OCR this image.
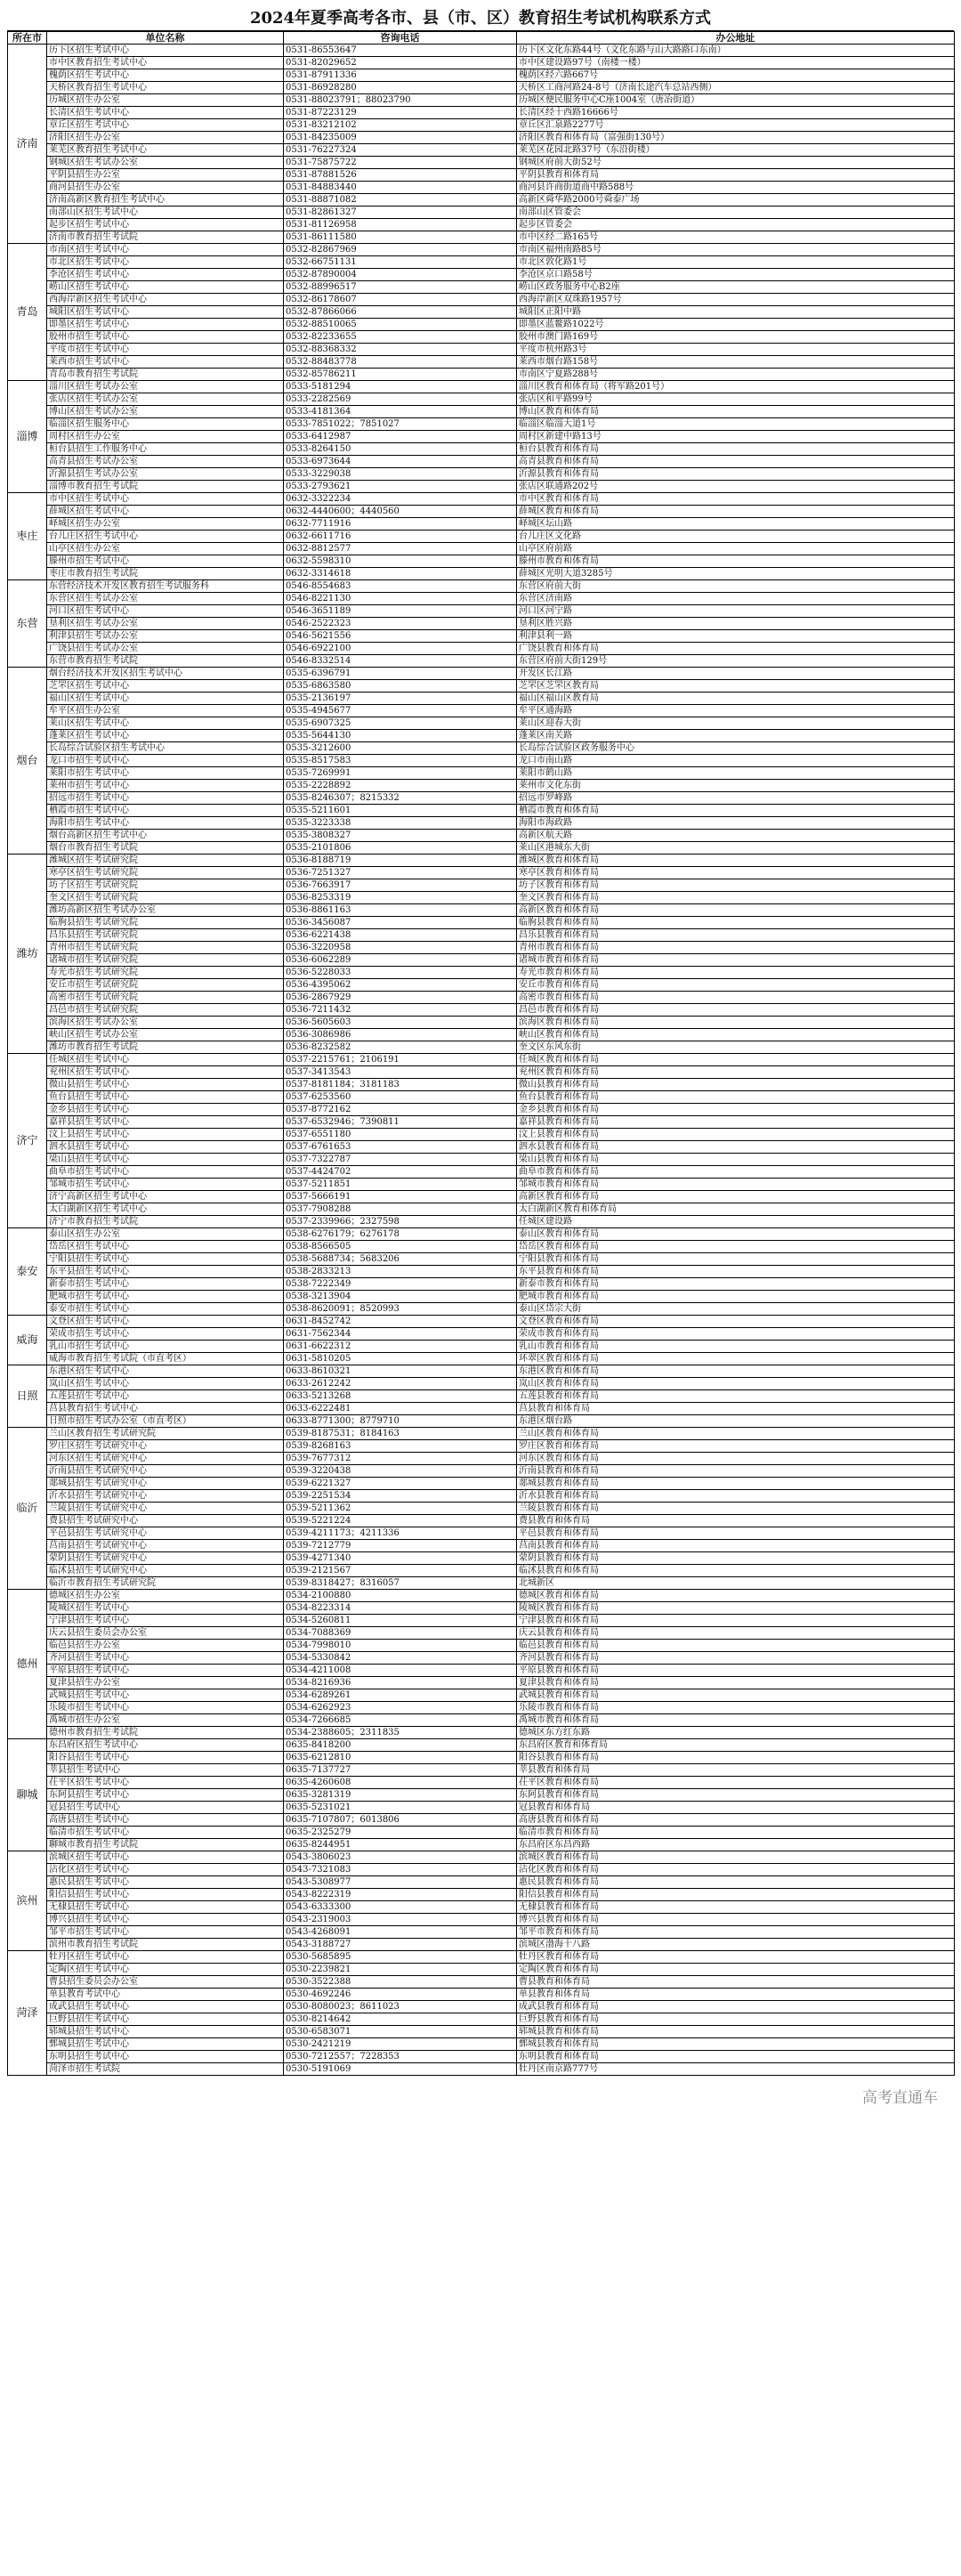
2024年夏季高考各市、县（市、区）教育招生考试机构联系方式
所在市	单位名称	咨询电话	办公地址
济南	历下区招生考试中心	0531-86553647	历下区文化东路44号（文化东路与山大路路口东南）
	市中区教育招生考试中心	0531-82029652	市中区建设路97号（南楼一楼）
	槐荫区招生考试中心	0531-87911336	槐荫区经六路667号
	天桥区教育招生考试中心	0531-86928280	天桥区工商河路24-8号（济南长途汽车总站西侧）
	历城区招生办公室	0531-88023791；88023790	历城区便民服务中心C座1004室（唐冶街道）
	长清区招生考试中心	0531-87223129	长清区经十西路16666号
	章丘区招生考试中心	0531-83212102	章丘区汇泉路2277号
	济阳区招生办公室	0531-84235009	济阳区教育和体育局（富强街130号）
	莱芜区教育招生考试中心	0531-76227324	莱芜区花园北路37号（东沿街楼）
	钢城区招生考试办公室	0531-75875722	钢城区府前大街52号
	平阴县招生办公室	0531-87881526	平阴县教育和体育局
	商河县招生办公室	0531-84883440	商河县许商街道商中路588号
	济南高新区教育招生考试中心	0531-88871082	高新区舜华路2000号舜泰广场
	南部山区招生考试中心	0531-82861327	南部山区管委会
	起步区招生考试中心	0531-81126958	起步区管委会
	济南市教育招生考试院	0531-86111580	市中区经二路165号
青岛	市南区招生考试中心	0532-82867969	市南区福州南路85号
	市北区招生考试中心	0532-66751131	市北区敦化路1号
	李沧区招生考试中心	0532-87890004	李沧区京口路58号
	崂山区招生考试中心	0532-88996517	崂山区政务服务中心B2座
	西海岸新区招生考试中心	0532-86178607	西海岸新区双珠路1957号
	城阳区招生考试中心	0532-87866066	城阳区正阳中路
	即墨区招生考试中心	0532-88510065	即墨区蓝鳌路1022号
	胶州市招生考试中心	0532-82233655	胶州市澳门路169号
	平度市招生考试中心	0532-88368332	平度市杭州路3号
	莱西市招生考试中心	0532-88483778	莱西市烟台路158号
	青岛市教育招生考试院	0532-85786211	市南区宁夏路288号
淄博	淄川区招生考试办公室	0533-5181294	淄川区教育和体育局（将军路201号）
	张店区招生考试办公室	0533-2282569	张店区和平路99号
	博山区招生考试办公室	0533-4181364	博山区教育和体育局
	临淄区招生服务中心	0533-7851022；7851027	临淄区临淄大道1号
	周村区招生办公室	0533-6412987	周村区新建中路13号
	桓台县招生工作服务中心	0533-8264150	桓台县教育和体育局
	高青县招生考试办公室	0533-6973644	高青县教育和体育局
	沂源县招生考试办公室	0533-3229038	沂源县教育和体育局
	淄博市教育招生考试院	0533-2793621	张店区联通路202号
枣庄	市中区招生考试中心	0632-3322234	市中区教育和体育局
	薛城区招生考试中心	0632-4440600；4440560	薛城区教育和体育局
	峄城区招生办公室	0632-7711916	峄城区坛山路
	台儿庄区招生考试中心	0632-6611716	台儿庄区文化路
	山亭区招生办公室	0632-8812577	山亭区府前路
	滕州市招生考试中心	0632-5598310	滕州市教育和体育局
	枣庄市教育招生考试院	0632-3314618	薛城区光明大道3285号
东营	东营经济技术开发区教育招生考试服务科	0546-8554683	东营区府前大街
	东营区招生考试办公室	0546-8221130	东营区济南路
	河口区招生考试中心	0546-3651189	河口区河宁路
	垦利区招生考试办公室	0546-2522323	垦利区胜兴路
	利津县招生考试办公室	0546-5621556	利津县利一路
	广饶县招生考试办公室	0546-6922100	广饶县教育和体育局
	东营市教育招生考试院	0546-8332514	东营区府前大街129号
烟台	烟台经济技术开发区招生考试中心	0535-6396791	开发区长江路
	芝罘区招生考试中心	0535-6863580	芝罘区芝罘区教育局
	福山区招生考试中心	0535-2136197	福山区福山区教育局
	牟平区招生办公室	0535-4945677	牟平区通海路
	莱山区招生考试中心	0535-6907325	莱山区迎春大街
	蓬莱区招生考试中心	0535-5644130	蓬莱区南关路
	长岛综合试验区招生考试中心	0535-3212600	长岛综合试验区政务服务中心
	龙口市招生考试中心	0535-8517583	龙口市南山路
	莱阳市招生考试中心	0535-7269991	莱阳市鹤山路
	莱州市招生考试中心	0535-2228892	莱州市文化东街
	招远市招生考试中心	0535-8246307；8215332	招远市罗峰路
	栖霞市招生考试中心	0535-5211601	栖霞市教育和体育局
	海阳市招生考试中心	0535-3223338	海阳市海政路
	烟台高新区招生考试中心	0535-3808327	高新区航天路
	烟台市教育招生考试院	0535-2101806	莱山区港城东大街
潍坊	潍城区招生考试研究院	0536-8188719	潍城区教育和体育局
	寒亭区招生考试研究院	0536-7251327	寒亭区教育和体育局
	坊子区招生考试研究院	0536-7663917	坊子区教育和体育局
	奎文区招生考试研究院	0536-8253319	奎文区教育和体育局
	潍坊高新区招生考试办公室	0536-8861163	高新区教育和体育局
	临朐县招生考试研究院	0536-3456087	临朐县教育和体育局
	昌乐县招生考试研究院	0536-6221438	昌乐县教育和体育局
	青州市招生考试研究院	0536-3220958	青州市教育和体育局
	诸城市招生考试研究院	0536-6062289	诸城市教育和体育局
	寿光市招生考试研究院	0536-5228033	寿光市教育和体育局
	安丘市招生考试研究院	0536-4395062	安丘市教育和体育局
	高密市招生考试研究院	0536-2867929	高密市教育和体育局
	昌邑市招生考试研究院	0536-7211432	昌邑市教育和体育局
	滨海区招生考试办公室	0536-5605603	滨海区教育和体育局
	峡山区招生考试办公室	0536-3086986	峡山区教育和体育局
	潍坊市教育招生考试院	0536-8232582	奎文区东风东街
济宁	任城区招生考试中心	0537-2215761；2106191	任城区教育和体育局
	兖州区招生考试中心	0537-3413543	兖州区教育和体育局
	微山县招生考试中心	0537-8181184；3181183	微山县教育和体育局
	鱼台县招生考试中心	0537-6253560	鱼台县教育和体育局
	金乡县招生考试中心	0537-8772162	金乡县教育和体育局
	嘉祥县招生考试中心	0537-6532946；7390811	嘉祥县教育和体育局
	汶上县招生考试中心	0537-6551180	汶上县教育和体育局
	泗水县招生考试中心	0537-6761653	泗水县教育和体育局
	梁山县招生考试中心	0537-7322787	梁山县教育和体育局
	曲阜市招生考试中心	0537-4424702	曲阜市教育和体育局
	邹城市招生考试中心	0537-5211851	邹城市教育和体育局
	济宁高新区招生考试中心	0537-5666191	高新区教育和体育局
	太白湖新区招生考试中心	0537-7908288	太白湖新区教育和体育局
	济宁市教育招生考试院	0537-2339966；2327598	任城区建设路
泰安	泰山区招生办公室	0538-6276179；6276178	泰山区教育和体育局
	岱岳区招生考试中心	0538-8566505	岱岳区教育和体育局
	宁阳县招生考试中心	0538-5688734；5683206	宁阳县教育和体育局
	东平县招生考试中心	0538-2833213	东平县教育和体育局
	新泰市招生考试中心	0538-7222349	新泰市教育和体育局
	肥城市招生考试中心	0538-3213904	肥城市教育和体育局
	泰安市招生考试中心	0538-8620091；8520993	泰山区岱宗大街
威海	文登区招生考试中心	0631-8452742	文登区教育和体育局
	荣成市招生考试中心	0631-7562344	荣成市教育和体育局
	乳山市招生考试中心	0631-6622312	乳山市教育和体育局
	威海市教育招生考试院（市直考区）	0631-5810205	环翠区教育和体育局
日照	东港区招生考试中心	0633-8610321	东港区教育和体育局
	岚山区招生考试中心	0633-2612242	岚山区教育和体育局
	五莲县招生考试中心	0633-5213268	五莲县教育和体育局
	莒县教育招生考试中心	0633-6222481	莒县教育和体育局
	日照市招生考试办公室（市直考区）	0633-8771300；8779710	东港区烟台路
临沂	兰山区教育招生考试研究院	0539-8187531；8184163	兰山区教育和体育局
	罗庄区招生考试研究中心	0539-8268163	罗庄区教育和体育局
	河东区招生考试研究中心	0539-7677312	河东区教育和体育局
	沂南县招生考试研究中心	0539-3220438	沂南县教育和体育局
	郯城县招生考试研究中心	0539-6221327	郯城县教育和体育局
	沂水县招生考试研究中心	0539-2251534	沂水县教育和体育局
	兰陵县招生考试研究中心	0539-5211362	兰陵县教育和体育局
	费县招生考试研究中心	0539-5221224	费县教育和体育局
	平邑县招生考试研究中心	0539-4211173；4211336	平邑县教育和体育局
	莒南县招生考试研究中心	0539-7212779	莒南县教育和体育局
	蒙阴县招生考试研究中心	0539-4271340	蒙阴县教育和体育局
	临沭县招生考试研究中心	0539-2121567	临沭县教育和体育局
	临沂市教育招生考试研究院	0539-8318427；8316057	北城新区
德州	德城区招生办公室	0534-2100880	德城区教育和体育局
	陵城区招生考试中心	0534-8223314	陵城区教育和体育局
	宁津县招生考试中心	0534-5260811	宁津县教育和体育局
	庆云县招生委员会办公室	0534-7088369	庆云县教育和体育局
	临邑县招生办公室	0534-7998010	临邑县教育和体育局
	齐河县招生考试中心	0534-5330842	齐河县教育和体育局
	平原县招生考试中心	0534-4211008	平原县教育和体育局
	夏津县招生办公室	0534-8216936	夏津县教育和体育局
	武城县招生考试中心	0534-6289261	武城县教育和体育局
	乐陵市招生考试中心	0534-6262923	乐陵市教育和体育局
	禹城市招生办公室	0534-7266685	禹城市教育和体育局
	德州市教育招生考试院	0534-2388605；2311835	德城区东方红东路
聊城	东昌府区招生考试中心	0635-8418200	东昌府区教育和体育局
	阳谷县招生考试中心	0635-6212810	阳谷县教育和体育局
	莘县招生考试中心	0635-7137727	莘县教育和体育局
	茌平区招生考试中心	0635-4260608	茌平区教育和体育局
	东阿县招生考试中心	0635-3281319	东阿县教育和体育局
	冠县招生考试中心	0635-5231021	冠县教育和体育局
	高唐县招生考试中心	0635-7107807；6013806	高唐县教育和体育局
	临清市招生考试中心	0635-2325279	临清市教育和体育局
	聊城市教育招生考试院	0635-8244951	东昌府区东昌西路
滨州	滨城区招生考试中心	0543-3806023	滨城区教育和体育局
	沾化区招生考试中心	0543-7321083	沾化区教育和体育局
	惠民县招生考试中心	0543-5308977	惠民县教育和体育局
	阳信县招生考试中心	0543-8222319	阳信县教育和体育局
	无棣县招生考试中心	0543-6333300	无棣县教育和体育局
	博兴县招生考试中心	0543-2319003	博兴县教育和体育局
	邹平市招生考试中心	0543-4268091	邹平市教育和体育局
	滨州市教育招生考试院	0543-3188727	滨城区渤海十八路
菏泽	牡丹区招生考试中心	0530-5685895	牡丹区教育和体育局
	定陶区招生考试中心	0530-2239821	定陶区教育和体育局
	曹县招生委员会办公室	0530-3522388	曹县教育和体育局
	单县教育考试中心	0530-4692246	单县教育和体育局
	成武县招生考试中心	0530-8080023；8611023	成武县教育和体育局
	巨野县招生考试中心	0530-8214642	巨野县教育和体育局
	郓城县招生考试中心	0530-6583071	郓城县教育和体育局
	鄄城县招生考试中心	0530-2421219	鄄城县教育和体育局
	东明县招生考试中心	0530-7212557；7228353	东明县教育和体育局
	菏泽市招生考试院	0530-5191069	牡丹区南京路777号
高考直通车
